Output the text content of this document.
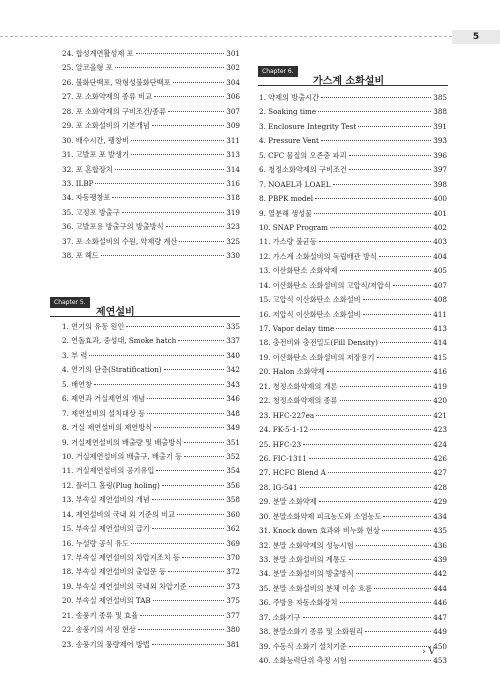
5
24. 합성계면활성제 포	301
25. 알코올형 포	302
26. 불화단백포, 막형성불화단백포	304
27. 포 소화약제의 종류 비교	306
28. 포 소화약제의 구비조건/종류	307
29. 포 소화설비의 기본개념	309
30. 배수시간, 팽창비	311
31. 고발포 포 발생기	313
32. 포 혼합장치	314
33. ILBP	316
34. 자동팽창포	318
35. 고정포 방출구	319
36. 고발포용 방출구의 방출방식	323
37. 포 소화설비의 수원, 약제량 계산	325
38. 포 헤드	330
Chapter 5.
제연설비
1. 연기의 유동 원인	335
2. 연돌효과, 중성대, Smoke hatch	337
3. 부 력	340
4. 연기의 단층(Stratification)	342
5. 배연창	343
6. 제연과 거실제연의 개념	346
7. 제연설비의 설치대상 등	348
8. 거실 제연설비의 제연방식	349
9. 거실제연설비의 배출량 및 배출방식	351
10. 거실제연설비의 배출구, 배출기 등	352
11. 거실제연설비의 공기유입	354
12. 플러그 홀링(Plug holing)	356
13. 부속실 제연설비의 개념	358
14. 제연설비의 국내 외 기준의 비교	360
15. 부속실 제연설비의 급기	362
16. 누설량 공식 유도	369
17. 부속실 제연설비의 차압지조치 등	370
18. 부속실 제연설비의 출입문 등	372
19. 부속실 제연설비의 국내외 차압기준	373
20. 부속실 제연설비의 TAB	375
21. 송풍기 종류 및 효율	377
22. 송풍기의 서징 현상	380
23. 송풍기의 풍량제어 방법	381
Chapter 6.
가스계 소화설비
1. 약제의 방출시간	385
2. Soaking time	388
3. Enclosure Integrity Test	391
4. Pressure Vent	393
5. CFC 물질의 오존층 파괴	396
6. 청정소화약제의 구비조건	397
7. NOAEL과 LOAEL	398
8. PBPK model	400
9. 열분해 생성물	401
10. SNAP Program	402
11. 가스량 불균등	403
12. 가스계 소화설비의 독립배관 방식	404
13. 이산화탄소 소화약제	405
14. 이산화탄소 소화설비의 고압식/저압식	407
15. 고압식 이산화탄소 소화설비	408
16. 저압식 이산화탄소 소화설비	411
17. Vapor delay time	413
18. 충전비와 충전밀도(Fill Density)	414
19. 이산화탄소 소화설비의 저장용기	415
20. Halon 소화약제	416
21. 청정소화약제의 개론	419
22. 청정소화약제의 종류	420
23. HFC-227ea	421
24. FK-5-1-12	423
25. HFC-23	424
26. FIC-1311	426
27. HCFC Blend A	427
28. IG-541	428
29. 분말 소화약제	429
30. 분말소화약제 피크농도와 소염농도	434
31. Knock down 효과와 비누화 현상	435
32. 분말 소화약제의 성능시험	436
33. 분말 소화설비의 계통도	439
34. 분말 소화설비의 방출방식	442
35. 분말 소화설비의 분체 이송 흐름	444
36. 주방용 자동소화장치	446
37. 소화기구	447
38. 분말소화기 종류 및 소화원리	449
39. 수동식 소화기 설치기준	450
40. 소화능력단위 측정 시험	453
› V
